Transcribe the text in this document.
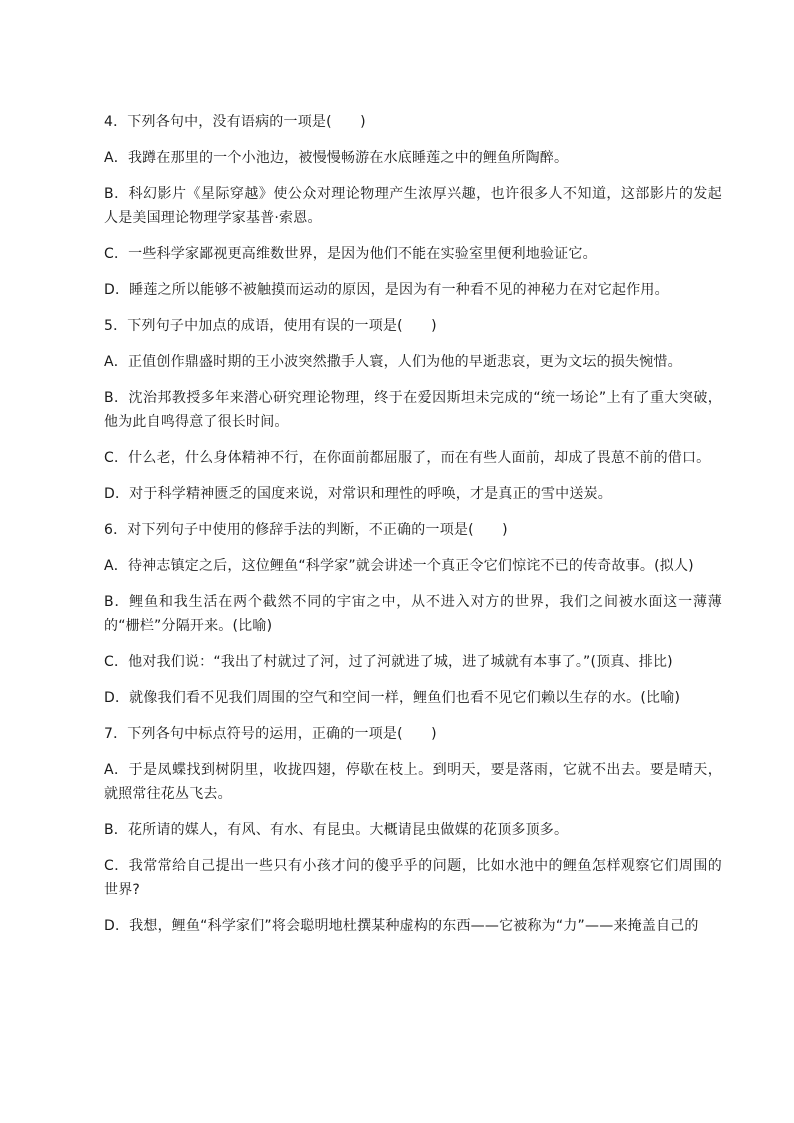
4．下列各句中，没有语病的一项是(　　)

A．我蹲在那里的一个小池边，被慢慢畅游在水底睡莲之中的鲤鱼所陶醉。

B．科幻影片《星际穿越》使公众对理论物理产生浓厚兴趣，也许很多人不知道，这部影片的发起人是美国理论物理学家基普·索恩。

C．一些科学家鄙视更高维数世界，是因为他们不能在实验室里便利地验证它。

D．睡莲之所以能够不被触摸而运动的原因，是因为有一种看不见的神秘力在对它起作用。

5．下列句子中加点的成语，使用有误的一项是(　　)

A．正值创作鼎盛时期的王小波突然撒手人寰，人们为他的早逝悲哀，更为文坛的损失惋惜。

B．沈治邦教授多年来潜心研究理论物理，终于在爱因斯坦未完成的“统一场论”上有了重大突破，他为此自鸣得意了很长时间。

C．什么老，什么身体精神不行，在你面前都屈服了，而在有些人面前，却成了畏葸不前的借口。

D．对于科学精神匮乏的国度来说，对常识和理性的呼唤，才是真正的雪中送炭。

6．对下列句子中使用的修辞手法的判断，不正确的一项是(　　)

A．待神志镇定之后，这位鲤鱼“科学家”就会讲述一个真正令它们惊诧不已的传奇故事。(拟人)

B．鲤鱼和我生活在两个截然不同的宇宙之中，从不进入对方的世界，我们之间被水面这一薄薄的“栅栏”分隔开来。(比喻)

C．他对我们说：“我出了村就过了河，过了河就进了城，进了城就有本事了。”(顶真、排比)

D．就像我们看不见我们周围的空气和空间一样，鲤鱼们也看不见它们赖以生存的水。(比喻)

7．下列各句中标点符号的运用，正确的一项是(　　)

A．于是凤蝶找到树阴里，收拢四翅，停歇在枝上。到明天，要是落雨，它就不出去。要是晴天，就照常往花丛飞去。

B．花所请的媒人，有风、有水、有昆虫。大概请昆虫做媒的花顶多顶多。

C．我常常给自己提出一些只有小孩才问的傻乎乎的问题，比如水池中的鲤鱼怎样观察它们周围的世界?

D．我想，鲤鱼“科学家们”将会聪明地杜撰某种虚构的东西——它被称为“力”——来掩盖自己的
